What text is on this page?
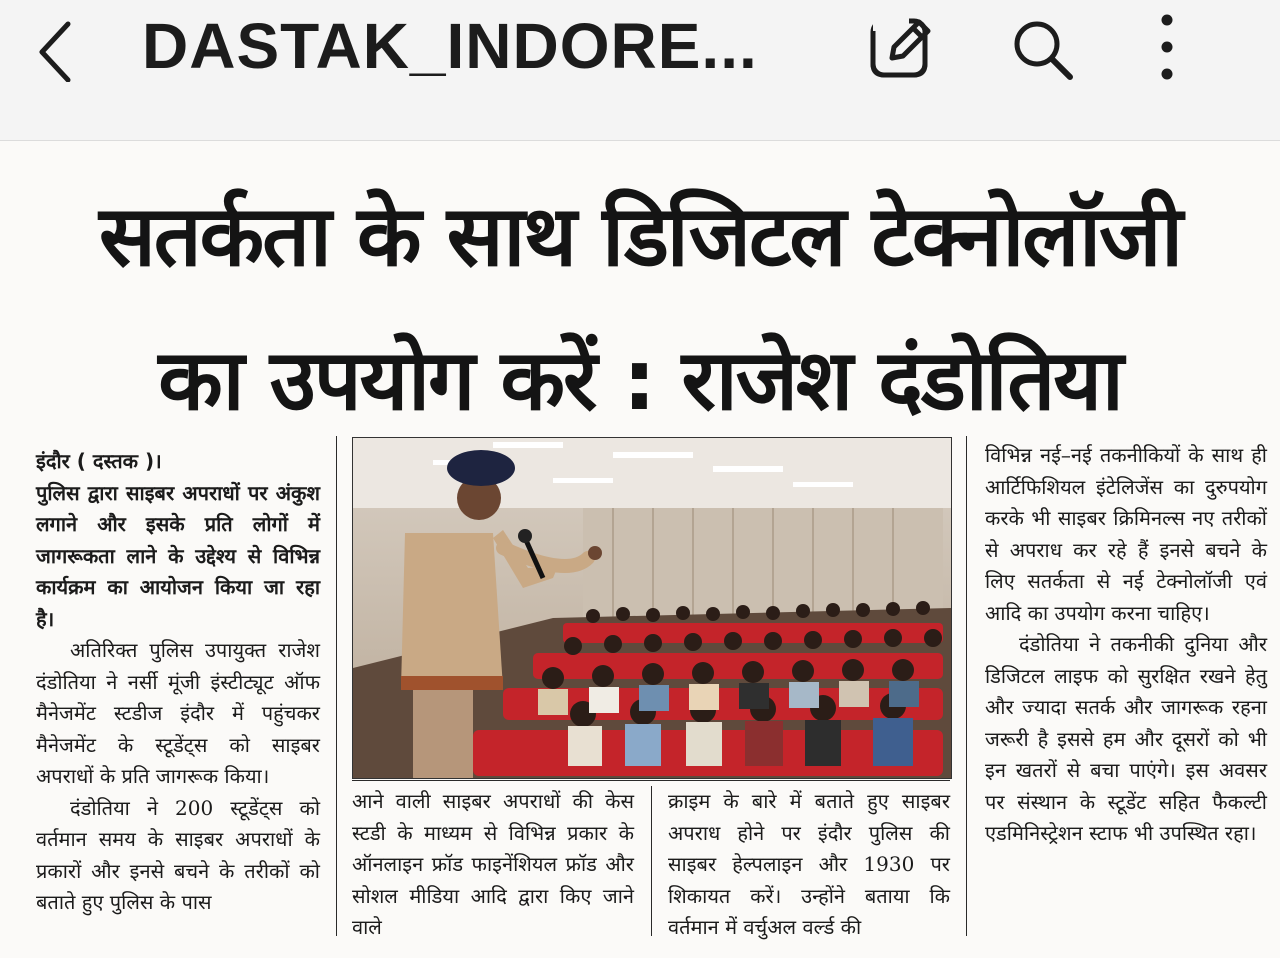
DASTAK_INDORE...
सतर्कता के साथ डिजिटल टेक्नोलॉजी
का उपयोग करें : राजेश दंडोतिया

इंदौर ( दस्तक )।

पुलिस द्वारा साइबर अपराधों पर अंकुश लगाने और इसके प्रति लोगों में जागरूकता लाने के उद्देश्य से विभिन्न कार्यक्रम का आयोजन किया जा रहा है।

अतिरिक्त पुलिस उपायुक्त राजेश दंडोतिया ने नर्सी मूंजी इंस्टीट्यूट ऑफ मैनेजमेंट स्टडीज इंदौर में पहुंचकर मैनेजमेंट के स्टूडेंट्स को साइबर अपराधों के प्रति जागरूक किया।

दंडोतिया ने 200 स्टूडेंट्स को वर्तमान समय के साइबर अपराधों के प्रकारों और इनसे बचने के तरीकों को बताते हुए पुलिस के पास

आने वाली साइबर अपराधों की केस स्टडी के माध्यम से विभिन्न प्रकार के ऑनलाइन फ्रॉड फाइनेंशियल फ्रॉड और सोशल मीडिया आदि द्वारा किए जाने वाले

क्राइम के बारे में बताते हुए साइबर अपराध होने पर इंदौर पुलिस की साइबर हेल्पलाइन और 1930 पर शिकायत करें। उन्होंने बताया कि वर्तमान में वर्चुअल वर्ल्ड की

विभिन्न नई–नई तकनीकियों के साथ ही आर्टिफिशियल इंटेलिजेंस का दुरुपयोग करके भी साइबर क्रिमिनल्स नए तरीकों से अपराध कर रहे हैं इनसे बचने के लिए सतर्कता से नई टेक्नोलॉजी एवं आदि का उपयोग करना चाहिए।

दंडोतिया ने तकनीकी दुनिया और डिजिटल लाइफ को सुरक्षित रखने हेतु और ज्यादा सतर्क और जागरूक रहना जरूरी है इससे हम और दूसरों को भी इन खतरों से बचा पाएंगे। इस अवसर पर संस्थान के स्टूडेंट सहित फैकल्टी एडमिनिस्ट्रेशन स्टाफ भी उपस्थित रहा।
